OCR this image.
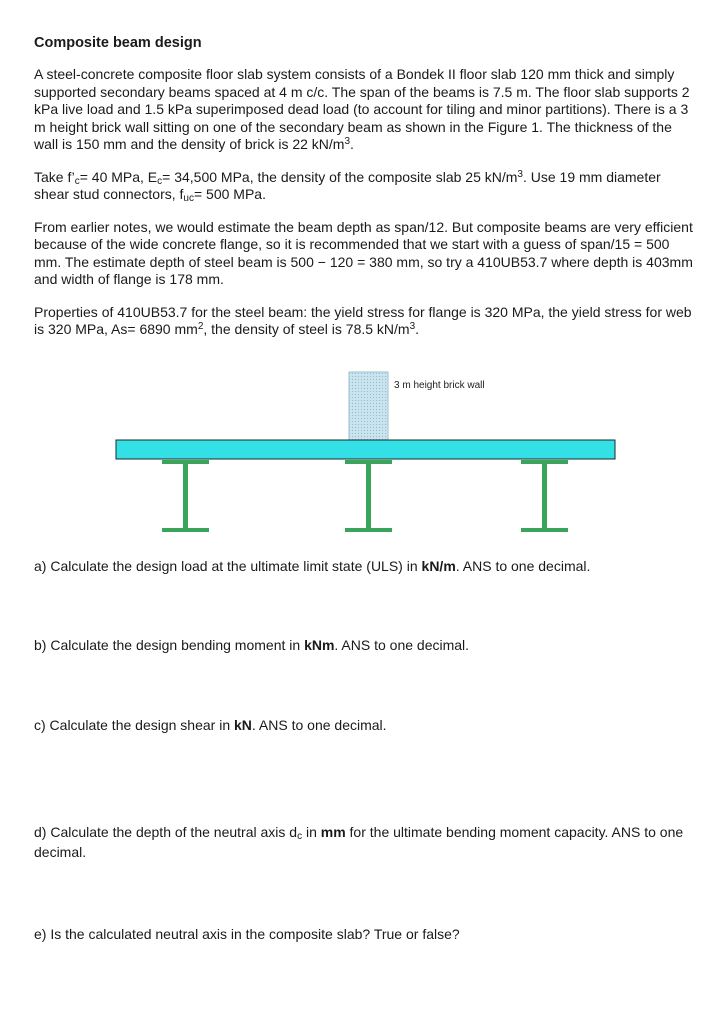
Composite beam design

A steel-concrete composite floor slab system consists of a Bondek II floor slab 120 mm thick and simply supported secondary beams spaced at 4 m c/c. The span of the beams is 7.5 m. The floor slab supports 2 kPa live load and 1.5 kPa superimposed dead load (to account for tiling and minor partitions). There is a 3 m height brick wall sitting on one of the secondary beam as shown in the Figure 1. The thickness of the wall is 150 mm and the density of brick is 22 $kN/m^3$.

Take $f’_c= 40$ MPa, $E_c= 34,500$ MPa, the density of the composite slab 25 $kN/m^3$. Use 19 mm diameter shear stud connectors, $f_{uc}= 500$ MPa.

From earlier notes, we would estimate the beam depth as span/12. But composite beams are very efficient because of the wide concrete flange, so it is recommended that we start with a guess of span/15 = 500 mm. The estimate depth of steel beam is 500 − 120 = 380 mm, so try a 410UB53.7 where depth is 403mm and width of flange is 178 mm.

Properties of 410UB53.7 for the steel beam: the yield stress for flange is 320 MPa, the yield stress for web is 320 MPa, As= 6890 $mm^2$, the density of steel is 78.5 $kN/m^3$.

3 m height brick wall
a) Calculate the design load at the ultimate limit state (ULS) in kN/m. ANS to one decimal.
b) Calculate the design bending moment in kNm. ANS to one decimal.
c) Calculate the design shear in kN. ANS to one decimal.
d) Calculate the depth of the neutral axis $d_c$ in mm for the ultimate bending moment capacity. ANS to one decimal.
e) Is the calculated neutral axis in the composite slab? True or false?
